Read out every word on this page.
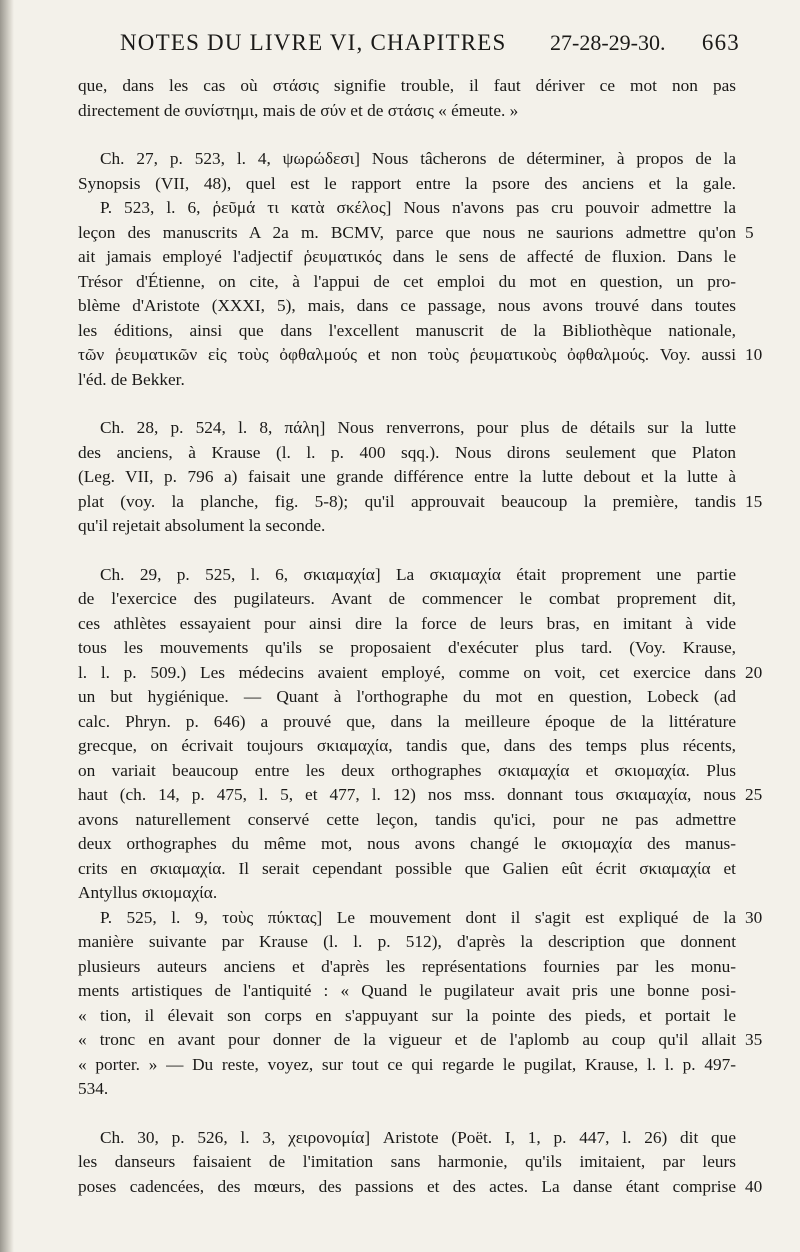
NOTES DU LIVRE VI, CHAPITRES 27-28-29-30. 663
que, dans les cas où στάσις signifie trouble, il faut dériver ce mot non pas
directement de συνίστημι, mais de σύν et de στάσις « émeute. »
Ch. 27, p. 523, l. 4, ψωρώδεσι] Nous tâcherons de déterminer, à propos de la
Synopsis (VII, 48), quel est le rapport entre la psore des anciens et la gale.
P. 523, l. 6, ῥεῦμά τι κατὰ σκέλος] Nous n'avons pas cru pouvoir admettre la
leçon des manuscrits A 2a m. BCMV, parce que nous ne saurions admettre qu'on
ait jamais employé l'adjectif ῥευματικός dans le sens de affecté de fluxion. Dans le
Trésor d'Étienne, on cite, à l'appui de cet emploi du mot en question, un pro-
blème d'Aristote (XXXI, 5), mais, dans ce passage, nous avons trouvé dans toutes
les éditions, ainsi que dans l'excellent manuscrit de la Bibliothèque nationale,
τῶν ῥευματικῶν εἰς τοὺς ὀφθαλμούς et non τοὺς ῥευματικοὺς ὀφθαλμούς. Voy. aussi
l'éd. de Bekker.
Ch. 28, p. 524, l. 8, πάλη] Nous renverrons, pour plus de détails sur la lutte
des anciens, à Krause (l. l. p. 400 sqq.). Nous dirons seulement que Platon
(Leg. VII, p. 796 a) faisait une grande différence entre la lutte debout et la lutte à
plat (voy. la planche, fig. 5-8); qu'il approuvait beaucoup la première, tandis
qu'il rejetait absolument la seconde.
Ch. 29, p. 525, l. 6, σκιαμαχία] La σκιαμαχία était proprement une partie
de l'exercice des pugilateurs. Avant de commencer le combat proprement dit,
ces athlètes essayaient pour ainsi dire la force de leurs bras, en imitant à vide
tous les mouvements qu'ils se proposaient d'exécuter plus tard. (Voy. Krause,
l. l. p. 509.) Les médecins avaient employé, comme on voit, cet exercice dans
un but hygiénique. — Quant à l'orthographe du mot en question, Lobeck (ad
calc. Phryn. p. 646) a prouvé que, dans la meilleure époque de la littérature
grecque, on écrivait toujours σκιαμαχία, tandis que, dans des temps plus récents,
on variait beaucoup entre les deux orthographes σκιαμαχία et σκιομαχία. Plus
haut (ch. 14, p. 475, l. 5, et 477, l. 12) nos mss. donnant tous σκιαμαχία, nous
avons naturellement conservé cette leçon, tandis qu'ici, pour ne pas admettre
deux orthographes du même mot, nous avons changé le σκιομαχία des manus-
crits en σκιαμαχία. Il serait cependant possible que Galien eût écrit σκιαμαχία et
Antyllus σκιομαχία.
P. 525, l. 9, τοὺς πύκτας] Le mouvement dont il s'agit est expliqué de la
manière suivante par Krause (l. l. p. 512), d'après la description que donnent
plusieurs auteurs anciens et d'après les représentations fournies par les monu-
ments artistiques de l'antiquité : « Quand le pugilateur avait pris une bonne posi-
« tion, il élevait son corps en s'appuyant sur la pointe des pieds, et portait le
« tronc en avant pour donner de la vigueur et de l'aplomb au coup qu'il allait
« porter. » — Du reste, voyez, sur tout ce qui regarde le pugilat, Krause, l. l. p. 497-
534.
Ch. 30, p. 526, l. 3, χειρονομία] Aristote (Poët. I, 1, p. 447, l. 26) dit que
les danseurs faisaient de l'imitation sans harmonie, qu'ils imitaient, par leurs
poses cadencées, des mœurs, des passions et des actes. La danse étant comprise
5
10
15
20
25
30
35
40
